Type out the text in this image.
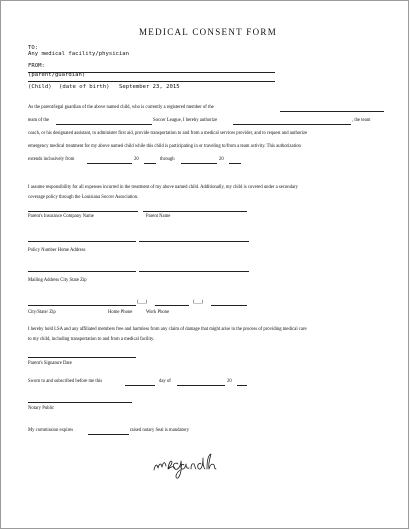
MEDICAL CONSENT FORM
TO:
Any medical facility/physician
FROM:
(parent/guardian)
(Child) (date of birth) September 23, 2015
As the parent/legal guardian of the above named child, who is currently a registered member of the
team of the	Soccer League, I hereby authorize	, the team
coach, or his designated assistant, to administer first aid, provide transportation to and from a medical services provider, and to request and authorize
emergency medical treatment for my above named child while this child is participating in or traveling to/from a team activity. This authorization
extends inclusively from	20	through	20
I assume responsibility for all expenses incurred in the treatment of my above named child. Additionally, my child is covered under a secondary
coverage policy through the Louisiana Soccer Association.
Parent's Insurance Company Name	Parent Name
Policy Number Home Address
Mailing Address City State Zip
(___)	(___)
City/State/ Zip	Home Phone	Work Phone
I hereby hold LSA and any affiliated members free and harmless from any claim of damage that might arise in the process of providing medical care
to my child, including transportation to and from a medical facility.
Parent's Signature Date
Sworn to and subscribed before me this	day of	20
Notary Public
My commission expires	raised notary Seal is mandatory
